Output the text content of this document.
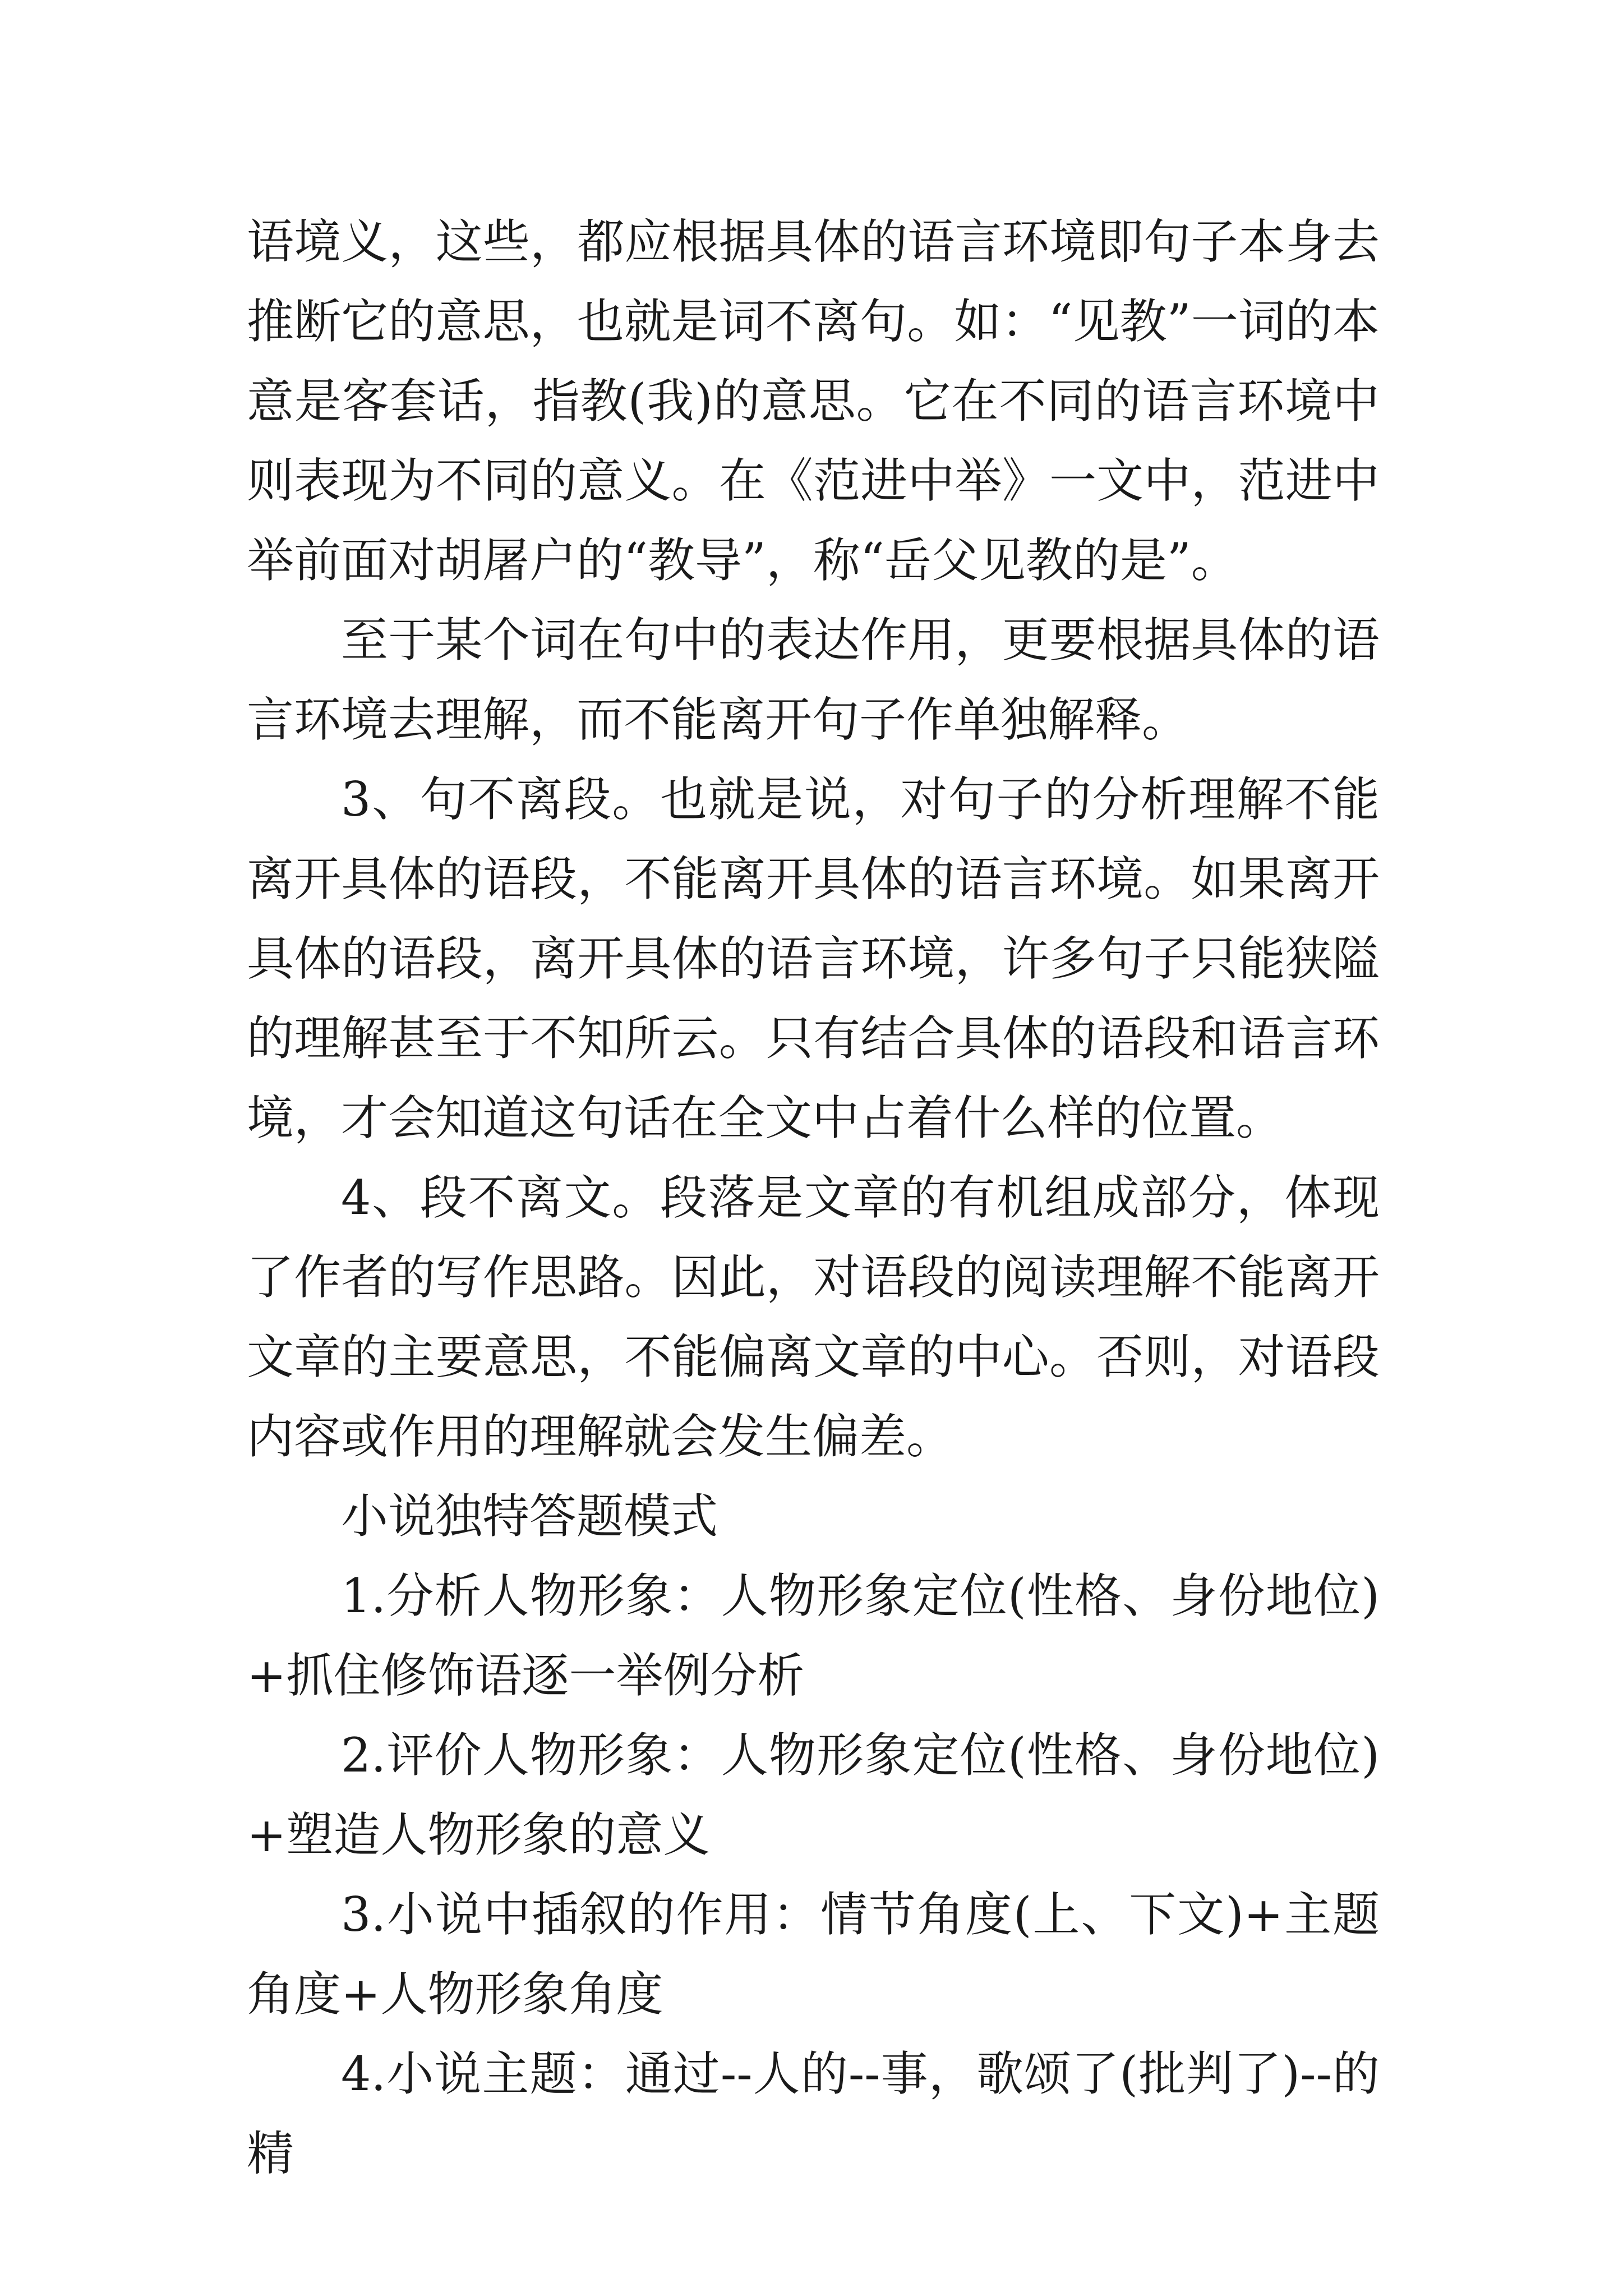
语境义，这些，都应根据具体的语言环境即句子本身去推断它的意思，也就是词不离句。如：“见教”一词的本意是客套话，指教(我)的意思。它在不同的语言环境中则表现为不同的意义。在《范进中举》一文中，范进中举前面对胡屠户的“教导”，称“岳父见教的是”。

至于某个词在句中的表达作用，更要根据具体的语言环境去理解，而不能离开句子作单独解释。

3、句不离段。也就是说，对句子的分析理解不能离开具体的语段，不能离开具体的语言环境。如果离开具体的语段，离开具体的语言环境，许多句子只能狭隘的理解甚至于不知所云。只有结合具体的语段和语言环境，才会知道这句话在全文中占着什么样的位置。

4、段不离文。段落是文章的有机组成部分，体现了作者的写作思路。因此，对语段的阅读理解不能离开文章的主要意思，不能偏离文章的中心。否则，对语段内容或作用的理解就会发生偏差。

小说独特答题模式

1.分析人物形象：人物形象定位(性格、身份地位)+抓住修饰语逐一举例分析

2.评价人物形象：人物形象定位(性格、身份地位)+塑造人物形象的意义

3.小说中插叙的作用：情节角度(上、下文)+主题角度+人物形象角度

4.小说主题：通过--人的--事，歌颂了(批判了)--的精
